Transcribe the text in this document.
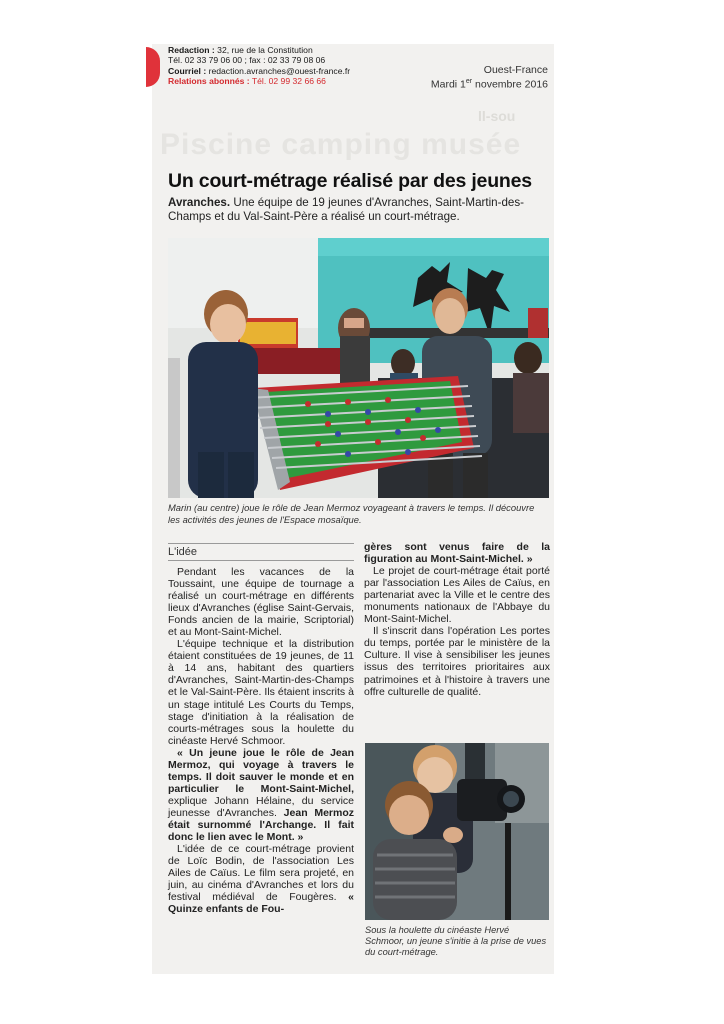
Redaction : 32, rue de la Constitution
Tél. 02 33 79 06 00 ; fax : 02 33 79 08 06
Courriel : redaction.avranches@ouest-france.fr
Relations abonnés : Tél. 02 99 32 66 66
Ouest-France
Mardi 1er novembre 2016
Piscine camping musée
ll-sou
Un court-métrage réalisé par des jeunes
Avranches. Une équipe de 19 jeunes d'Avranches, Saint-Martin-des-Champs et du Val-Saint-Père a réalisé un court-métrage.
Marin (au centre) joue le rôle de Jean Mermoz voyageant à travers le temps. Il découvre les activités des jeunes de l'Espace mosaïque.
L'idée

Pendant les vacances de la Toussaint, une équipe de tournage a réalisé un court-métrage en différents lieux d'Avranches (église Saint-Gervais, Fonds ancien de la mairie, Scriptorial) et au Mont-Saint-Michel.

L'équipe technique et la distribution étaient constituées de 19 jeunes, de 11 à 14 ans, habitant des quartiers d'Avranches, Saint-Martin-des-Champs et le Val-Saint-Père. Ils étaient inscrits à un stage intitulé Les Courts du Temps, stage d'initiation à la réalisation de courts-métrages sous la houlette du cinéaste Hervé Schmoor.

« Un jeune joue le rôle de Jean Mermoz, qui voyage à travers le temps. Il doit sauver le monde et en particulier le Mont-Saint-Michel, explique Johann Hélaine, du service jeunesse d'Avranches. Jean Mermoz était surnommé l'Archange. Il fait donc le lien avec le Mont. »

L'idée de ce court-métrage provient de Loïc Bodin, de l'association Les Ailes de Caïus. Le film sera projeté, en juin, au cinéma d'Avranches et lors du festival médiéval de Fougères. « Quinze enfants de Fou-

gères sont venus faire de la figuration au Mont-Saint-Michel. »

Le projet de court-métrage était porté par l'association Les Ailes de Caïus, en partenariat avec la Ville et le centre des monuments nationaux de l'Abbaye du Mont-Saint-Michel.

Il s'inscrit dans l'opération Les portes du temps, portée par le ministère de la Culture. Il vise à sensibiliser les jeunes issus des territoires prioritaires aux patrimoines et à l'histoire à travers une offre culturelle de qualité.

Sous la houlette du cinéaste Hervé Schmoor, un jeune s'initie à la prise de vues du court-métrage.
